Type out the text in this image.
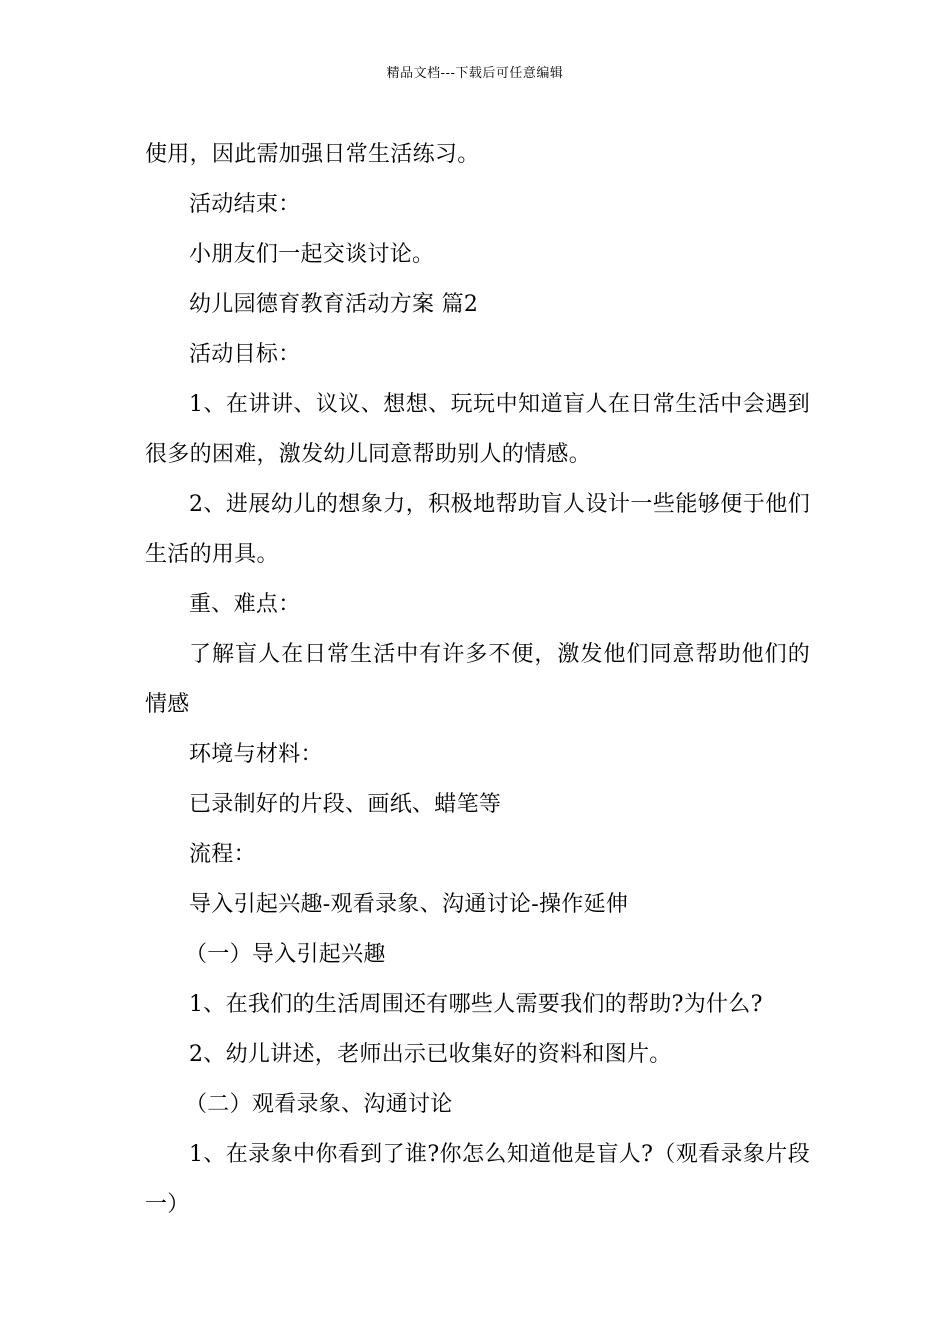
精品文档---下载后可任意编辑

使用，因此需加强日常生活练习。

活动结束：

小朋友们一起交谈讨论。

幼儿园德育教育活动方案 篇2

活动目标：

1、在讲讲、议议、想想、玩玩中知道盲人在日常生活中会遇到很多的困难，激发幼儿同意帮助别人的情感。

2、进展幼儿的想象力，积极地帮助盲人设计一些能够便于他们生活的用具。

重、难点：

了解盲人在日常生活中有许多不便，激发他们同意帮助他们的情感

环境与材料：

已录制好的片段、画纸、蜡笔等

流程：

导入引起兴趣-观看录象、沟通讨论-操作延伸

（一）导入引起兴趣

1、在我们的生活周围还有哪些人需要我们的帮助?为什么?

2、幼儿讲述，老师出示已收集好的资料和图片。

（二）观看录象、沟通讨论

1、在录象中你看到了谁?你怎么知道他是盲人?（观看录象片段一）
